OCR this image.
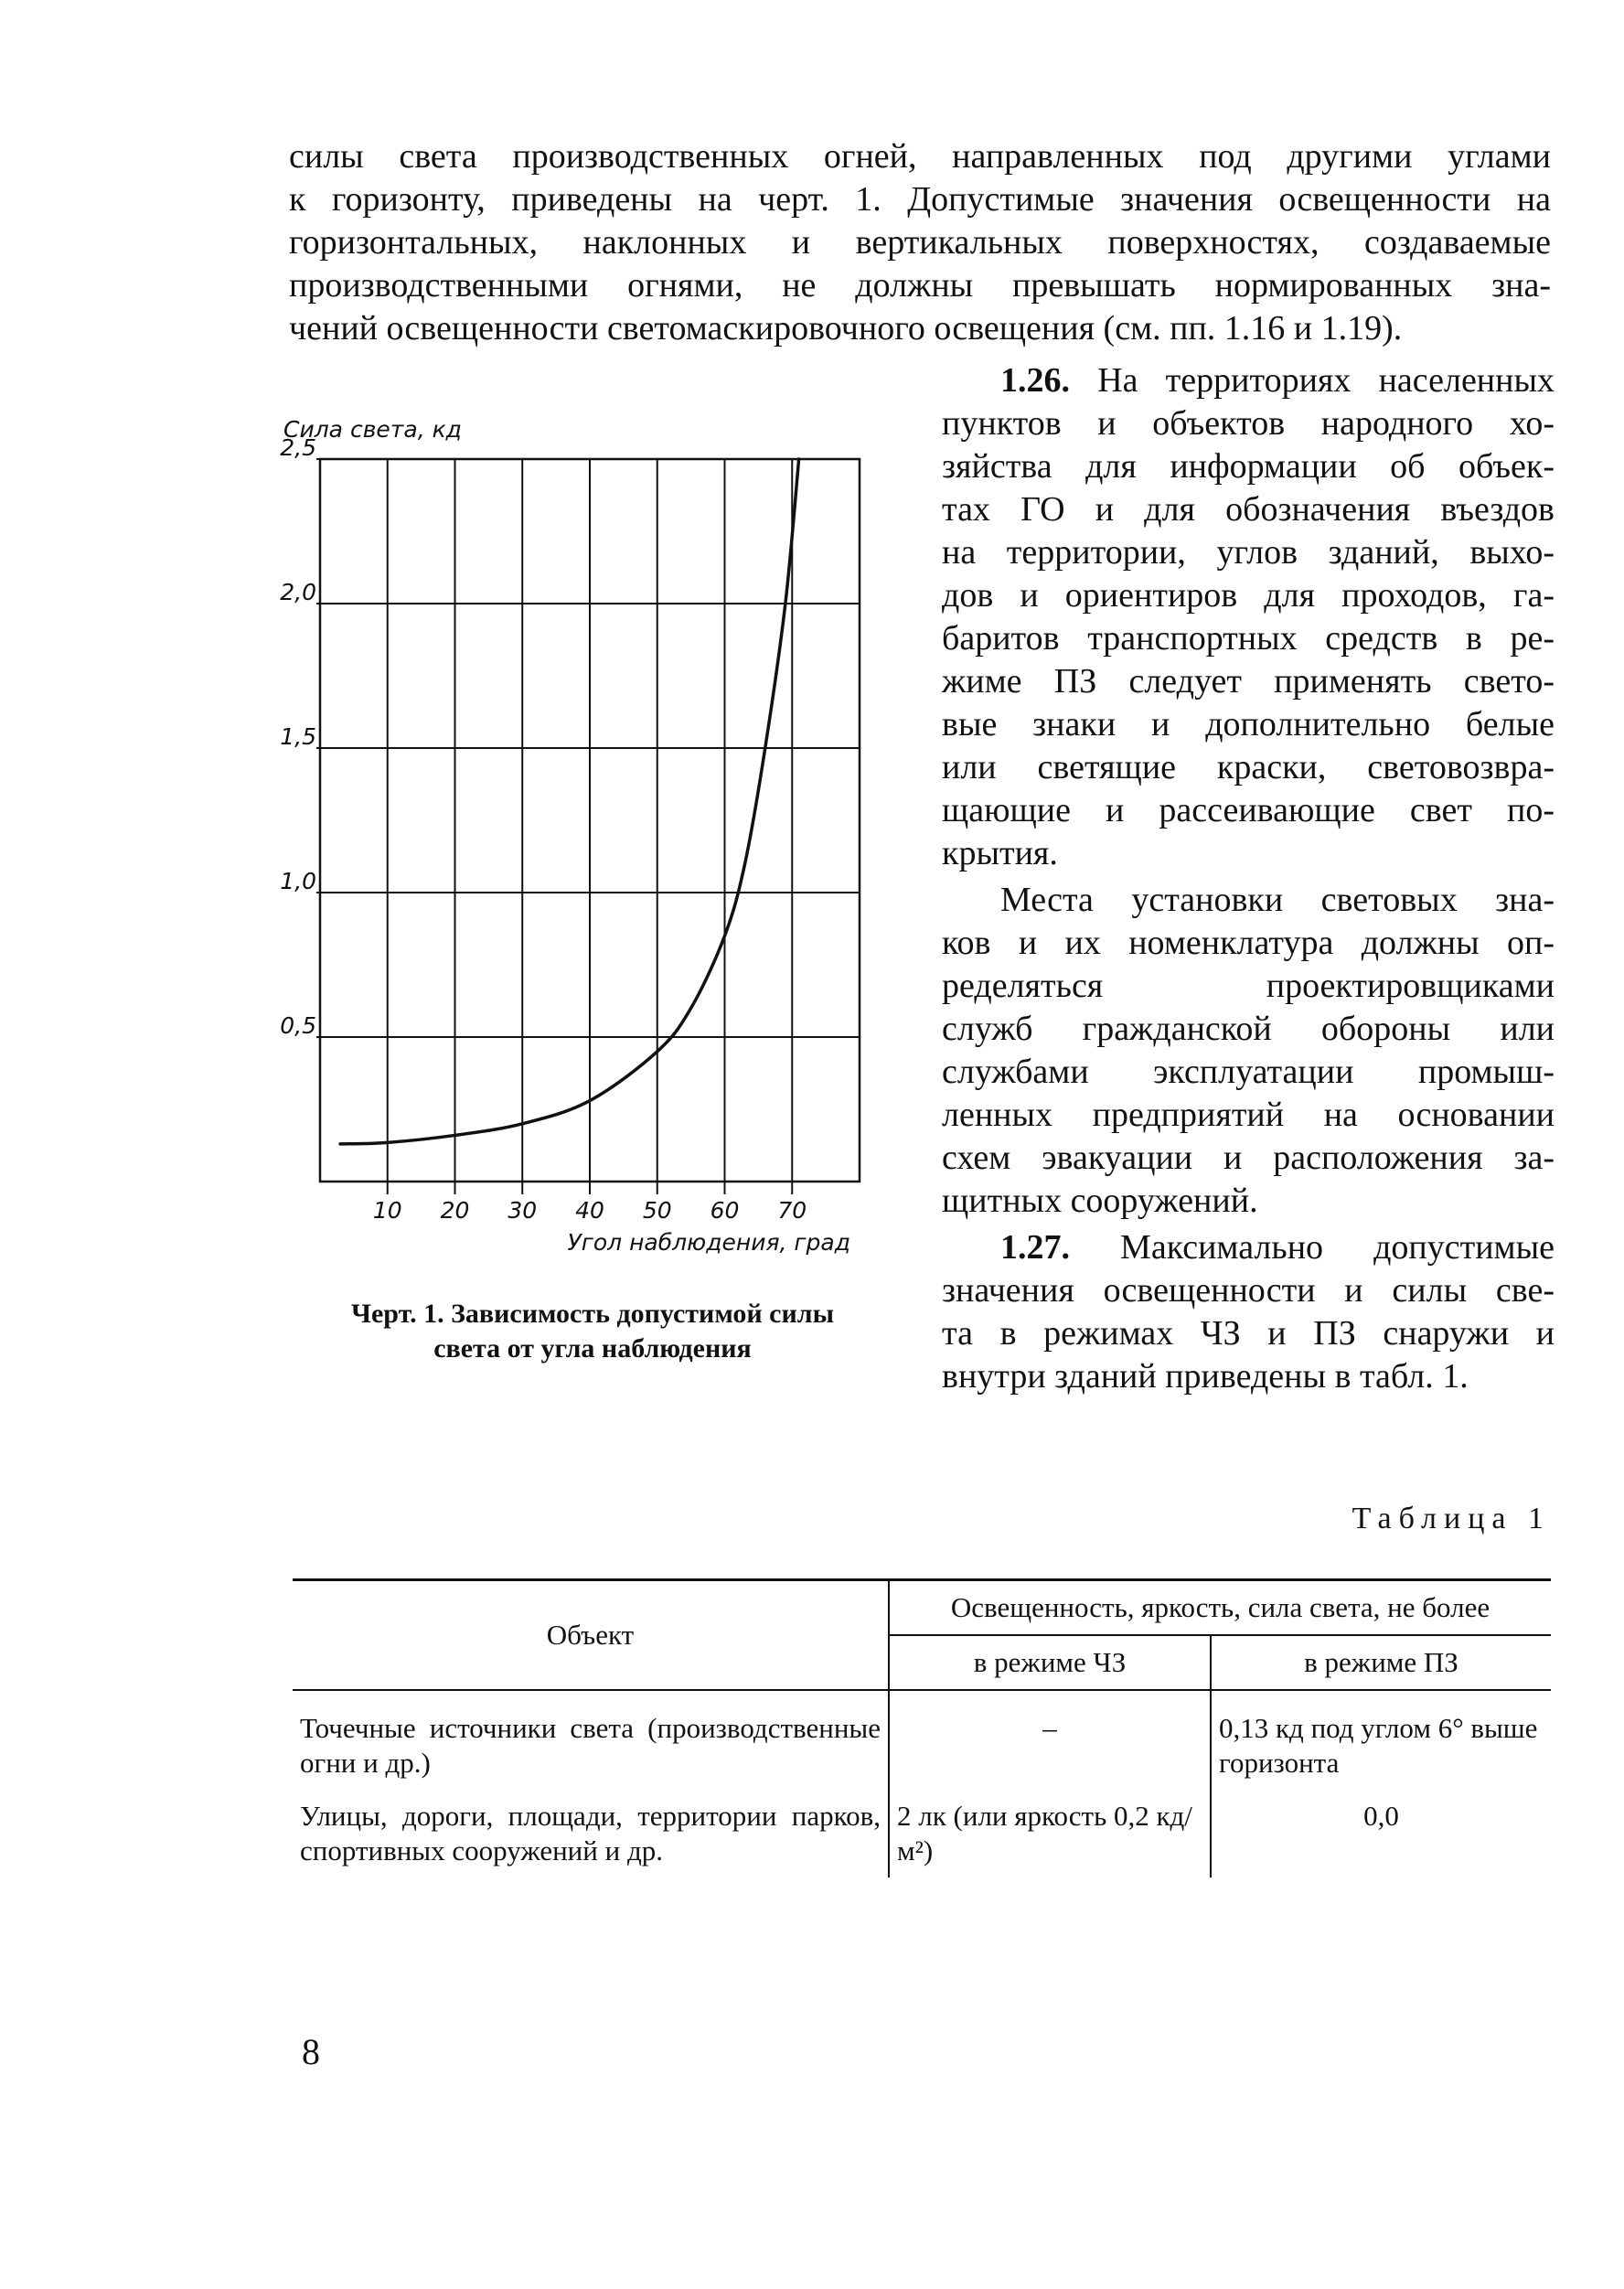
силы света производственных огней, направленных под другими углами
к горизонту, приведены на черт. 1. Допустимые значения освещенности на
горизонтальных, наклонных и вертикальных поверхностях, создаваемые
производственными огнями, не должны превышать нормированных зна-
чений освещенности светомаскировочного освещения (см. пп. 1.16 и 1.19).
1.26. На территориях населенных
пунктов и объектов народного хо-
зяйства для информации об объек-
тах ГО и для обозначения въездов
на территории, углов зданий, выхо-
дов и ориентиров для проходов, га-
баритов транспортных средств в ре-
жиме ПЗ следует применять свето-
вые знаки и дополнительно белые
или светящие краски, световозвра-
щающие и рассеивающие свет по-
крытия.
Места установки световых зна-
ков и их номенклатура должны оп-
ределяться проектировщиками
служб гражданской обороны или
службами эксплуатации промыш-
ленных предприятий на основании
схем эвакуации и расположения за-
щитных сооружений.
1.27. Максимально допустимые
значения освещенности и силы све-
та в режимах ЧЗ и ПЗ снаружи и
внутри зданий приведены в табл. 1.
10 20 30 40 50 60 70
0,5
1,0
1,5
2,0
2,5
Сила света, кд
Угол наблюдения, град
Черт. 1. Зависимость допустимой силы
света от угла наблюдения
Таблица 1
Объект	Освещенность, яркость, сила света, не более	
	в режиме ЧЗ	в режиме ПЗ
Точечные источники света (производственные огни и др.)	–	0,13 кд под углом 6° выше горизонта
Улицы, дороги, площади, территории парков, спортивных сооружений и др.	2 лк (или яркость 0,2 кд/м²)	0,0
8
